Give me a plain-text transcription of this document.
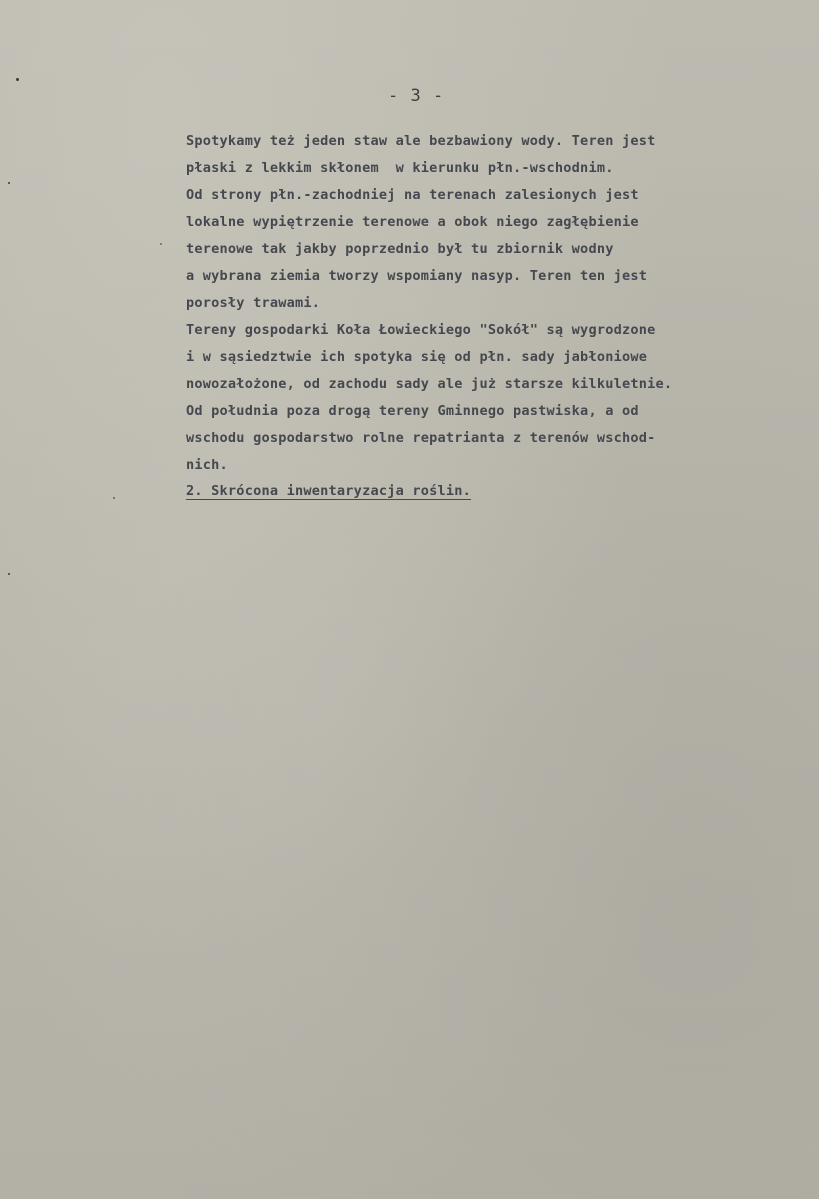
- 3 -

Spotykamy też jeden staw ale bezbawiony wody. Teren jest
płaski z lekkim skłonem  w kierunku płn.-wschodnim.
Od strony płn.-zachodniej na terenach zalesionych jest
lokalne wypiętrzenie terenowe a obok niego zagłębienie
terenowe tak jakby poprzednio był tu zbiornik wodny
a wybrana ziemia tworzy wspomiany nasyp. Teren ten jest
porosły trawami.
Tereny gospodarki Koła Łowieckiego "Sokół" są wygrodzone
i w sąsiedztwie ich spotyka się od płn. sady jabłoniowe
nowozałożone, od zachodu sady ale już starsze kilkuletnie.
Od południa poza drogą tereny Gminnego pastwiska, a od
wschodu gospodarstwo rolne repatrianta z terenów wschod-
nich.

2. Skrócona inwentaryzacja roślin.
